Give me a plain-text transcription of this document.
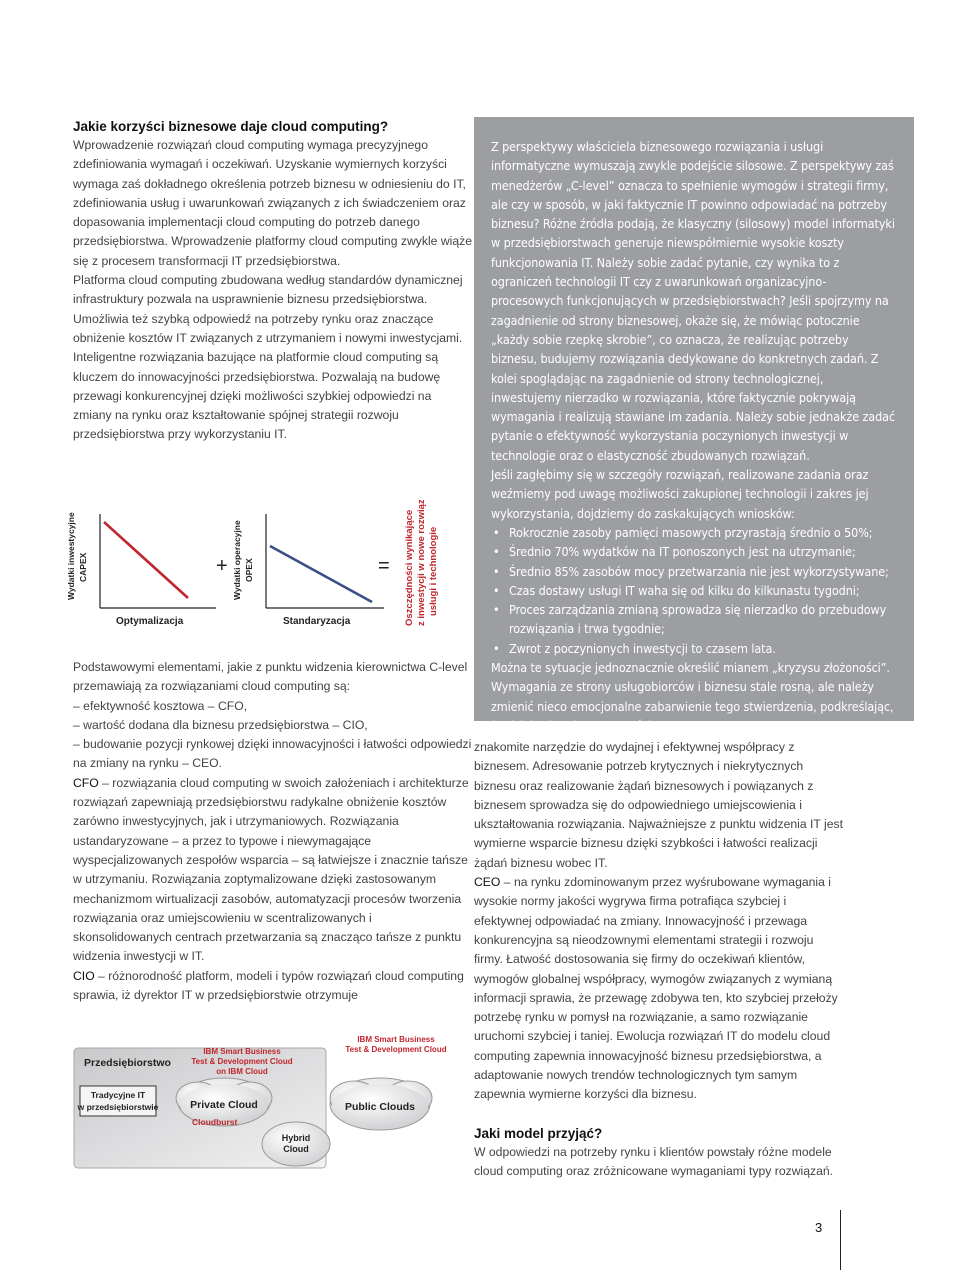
Jakie korzyści biznesowe daje cloud computing?

Wprowadzenie rozwiązań cloud computing wymaga precyzyjnego zdefiniowania wymagań i oczekiwań. Uzyskanie wymiernych korzyści wymaga zaś dokładnego określenia potrzeb biznesu w odniesieniu do IT, zdefiniowania usług i uwarunkowań związanych z ich świadczeniem oraz dopasowania implementacji cloud computing do potrzeb danego przedsiębiorstwa. Wprowadzenie platformy cloud computing zwykle wiąże się z procesem transformacji IT przedsiębiorstwa.

Platforma cloud computing zbudowana według standardów dynamicznej infrastruktury pozwala na usprawnienie biznesu przedsiębiorstwa. Umożliwia też szybką odpowiedź na potrzeby rynku oraz znaczące obniżenie kosztów IT związanych z utrzymaniem i nowymi inwestycjami. Inteligentne rozwiązania bazujące na platformie cloud computing są kluczem do innowacyjności przedsiębiorstwa. Pozwalają na budowę przewagi konkurencyjnej dzięki możliwości szybkiej odpowiedzi na zmiany na rynku oraz kształtowanie spójnej strategii rozwoju przedsiębiorstwa przy wykorzystaniu IT.

Wydatki inwestycyjne CAPEX
Optymalizacja
+ Wydatki operacyjne OPEX
Standaryzacja
= Oszczędności wynikające z inwestycji w nowe rozwiązania, usługi i technologie

Podstawowymi elementami, jakie z punktu widzenia kierownictwa C-level przemawiają za rozwiązaniami cloud computing są:

– efektywność kosztowa – CFO,
– wartość dodana dla biznesu przedsiębiorstwa – CIO,
– budowanie pozycji rynkowej dzięki innowacyjności i łatwości odpowiedzi na zmiany na rynku – CEO.

CFO – rozwiązania cloud computing w swoich założeniach i architekturze rozwiązań zapewniają przedsiębiorstwu radykalne obniżenie kosztów zarówno inwestycyjnych, jak i utrzymaniowych. Rozwiązania ustandaryzowane – a przez to typowe i niewymagające wyspecjalizowanych zespołów wsparcia – są łatwiejsze i znacznie tańsze w utrzymaniu. Rozwiązania zoptymalizowane dzięki zastosowanym mechanizmom wirtualizacji zasobów, automatyzacji procesów tworzenia rozwiązania oraz umiejscowieniu w scentralizowanych i skonsolidowanych centrach przetwarzania są znacząco tańsze z punktu widzenia inwestycji w IT.

CIO – różnorodność platform, modeli i typów rozwiązań cloud computing sprawia, iż dyrektor IT w przedsiębiorstwie otrzymuje

Przedsiębiorstwo
Tradycyjne IT
w przedsiębiorstwie	Private Cloud
IBM Smart Business
Test & Development Cloud
on IBM Cloud
Cloudburst
Hybrid
Cloud
Public Clouds
IBM Smart Business
Test & Development Cloud

Z perspektywy właściciela biznesowego rozwiązania i usługi informatyczne wymuszają zwykle podejście silosowe. Z perspektywy zaś menedżerów „C-level” oznacza to spełnienie wymogów i strategii firmy, ale czy w sposób, w jaki faktycznie IT powinno odpowiadać na potrzeby biznesu? Różne źródła podają, że klasyczny (silosowy) model informatyki w przedsiębiorstwach generuje niewspółmiernie wysokie koszty funkcjonowania IT. Należy sobie zadać pytanie, czy wynika to z ograniczeń technologii IT czy z uwarunkowań organizacyjno-procesowych funkcjonujących w przedsiębiorstwach? Jeśli spojrzymy na zagadnienie od strony biznesowej, okaże się, że mówiąc potocznie „każdy sobie rzepkę skrobie”, co oznacza, że realizując potrzeby biznesu, budujemy rozwiązania dedykowane do konkretnych zadań. Z kolei spoglądając na zagadnienie od strony technologicznej, inwestujemy nierzadko w rozwiązania, które faktycznie pokrywają wymagania i realizują stawiane im zadania. Należy sobie jednakże zadać pytanie o efektywność wykorzystania poczynionych inwestycji w technologie oraz o elastyczność zbudowanych rozwiązań.

Jeśli zagłębimy się w szczegóły rozwiązań, realizowane zadania oraz weźmiemy pod uwagę możliwości zakupionej technologii i zakres jej wykorzystania, dojdziemy do zaskakujących wniosków:

• Rokrocznie zasoby pamięci masowych przyrastają średnio o 50%;
• Średnio 70% wydatków na IT ponoszonych jest na utrzymanie;
• Średnio 85% zasobów mocy przetwarzania nie jest wykorzystywane;
• Czas dostawy usługi IT waha się od kilku do kilkunastu tygodni;
• Proces zarządzania zmianą sprowadza się nierzadko do przebudowy rozwiązania i trwa tygodnie;
• Zwrot z poczynionych inwestycji to czasem lata.

Można te sytuacje jednoznacznie określić mianem „kryzysu złożoności”. Wymagania ze strony usługobiorców i biznesu stale rosną, ale należy zmienić nieco emocjonalne zabarwienie tego stwierdzenia, podkreślając, że dzieje się tak „na szczęście”.

znakomite narzędzie do wydajnej i efektywnej współpracy z biznesem. Adresowanie potrzeb krytycznych i niekrytycznych biznesu oraz realizowanie żądań biznesowych i powiązanych z biznesem sprowadza się do odpowiedniego umiejscowienia i ukształtowania rozwiązania. Najważniejsze z punktu widzenia IT jest wymierne wsparcie biznesu dzięki szybkości i łatwości realizacji żądań biznesu wobec IT.

CEO – na rynku zdominowanym przez wyśrubowane wymagania i wysokie normy jakości wygrywa firma potrafiąca szybciej i efektywnej odpowiadać na zmiany. Innowacyjność i przewaga konkurencyjna są nieodzownymi elementami strategii i rozwoju firmy. Łatwość dostosowania się firmy do oczekiwań klientów, wymogów globalnej współpracy, wymogów związanych z wymianą informacji sprawia, że przewagę zdobywa ten, kto szybciej przełoży potrzebę rynku w pomysł na rozwiązanie, a samo rozwiązanie uruchomi szybciej i taniej. Ewolucja rozwiązań IT do modelu cloud computing zapewnia innowacyjność biznesu przedsiębiorstwa, a adaptowanie nowych trendów technologicznych tym samym zapewnia wymierne korzyści dla biznesu.

Jaki model przyjąć?

W odpowiedzi na potrzeby rynku i klientów powstały różne modele cloud computing oraz zróżnicowane wymaganiami typy rozwiązań.

3
